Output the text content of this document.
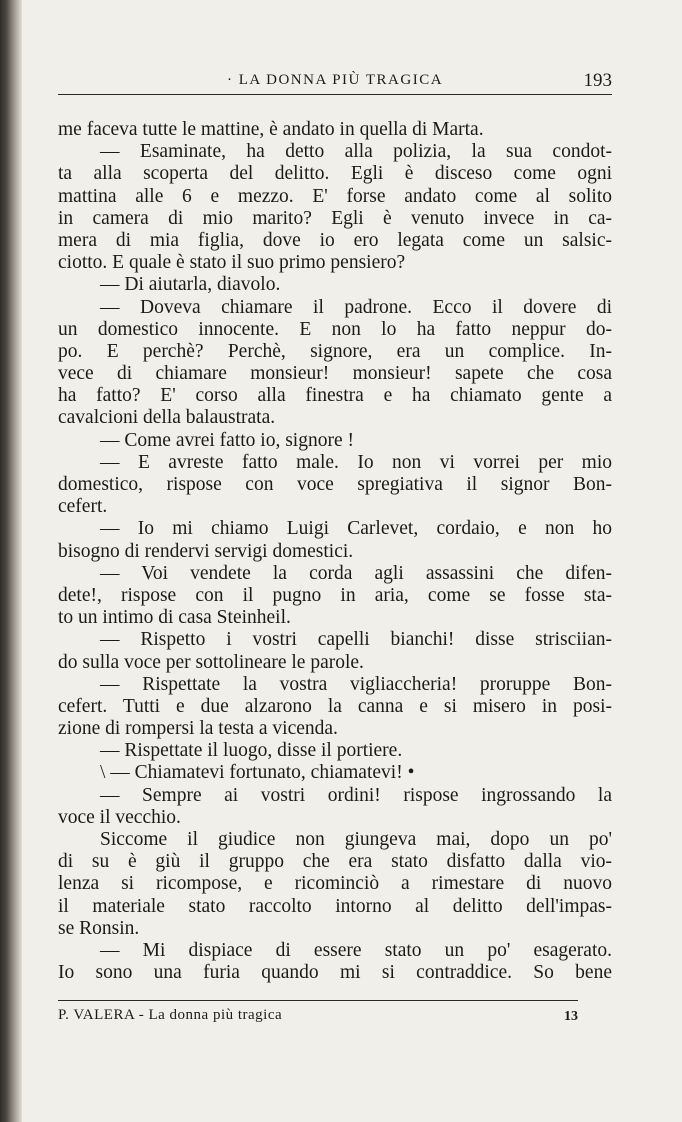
· LA DONNA PIÙ TRAGICA	193
me faceva tutte le mattine, è andato in quella di Marta.
— Esaminate, ha detto alla polizia, la sua condot-
ta alla scoperta del delitto. Egli è disceso come ogni
mattina alle 6 e mezzo. E' forse andato come al solito
in camera di mio marito? Egli è venuto invece in ca-
mera di mia figlia, dove io ero legata come un salsic-
ciotto. E quale è stato il suo primo pensiero?
— Di aiutarla, diavolo.
— Doveva chiamare il padrone. Ecco il dovere di
un domestico innocente. E non lo ha fatto neppur do-
po. E perchè? Perchè, signore, era un complice. In-
vece di chiamare monsieur! monsieur! sapete che cosa
ha fatto? E' corso alla finestra e ha chiamato gente a
cavalcioni della balaustrata.
— Come avrei fatto io, signore !
— E avreste fatto male. Io non vi vorrei per mio
domestico, rispose con voce spregiativa il signor Bon-
cefert.
— Io mi chiamo Luigi Carlevet, cordaio, e non ho
bisogno di rendervi servigi domestici.
— Voi vendete la corda agli assassini che difen-
dete!, rispose con il pugno in aria, come se fosse sta-
to un intimo di casa Steinheil.
— Rispetto i vostri capelli bianchi! disse strisciian-
do sulla voce per sottolineare le parole.
— Rispettate la vostra vigliaccheria! proruppe Bon-
cefert. Tutti e due alzarono la canna e si misero in posi-
zione di rompersi la testa a vicenda.
— Rispettate il luogo, disse il portiere.
\ — Chiamatevi fortunato, chiamatevi! •
— Sempre ai vostri ordini! rispose ingrossando la
voce il vecchio.
Siccome il giudice non giungeva mai, dopo un po'
di su è giù il gruppo che era stato disfatto dalla vio-
lenza si ricompose, e ricominciò a rimestare di nuovo
il materiale stato raccolto intorno al delitto dell'impas-
se Ronsin.
— Mi dispiace di essere stato un po' esagerato.
Io sono una furia quando mi si contraddice. So bene
P. VALERA - La donna più tragica	13
